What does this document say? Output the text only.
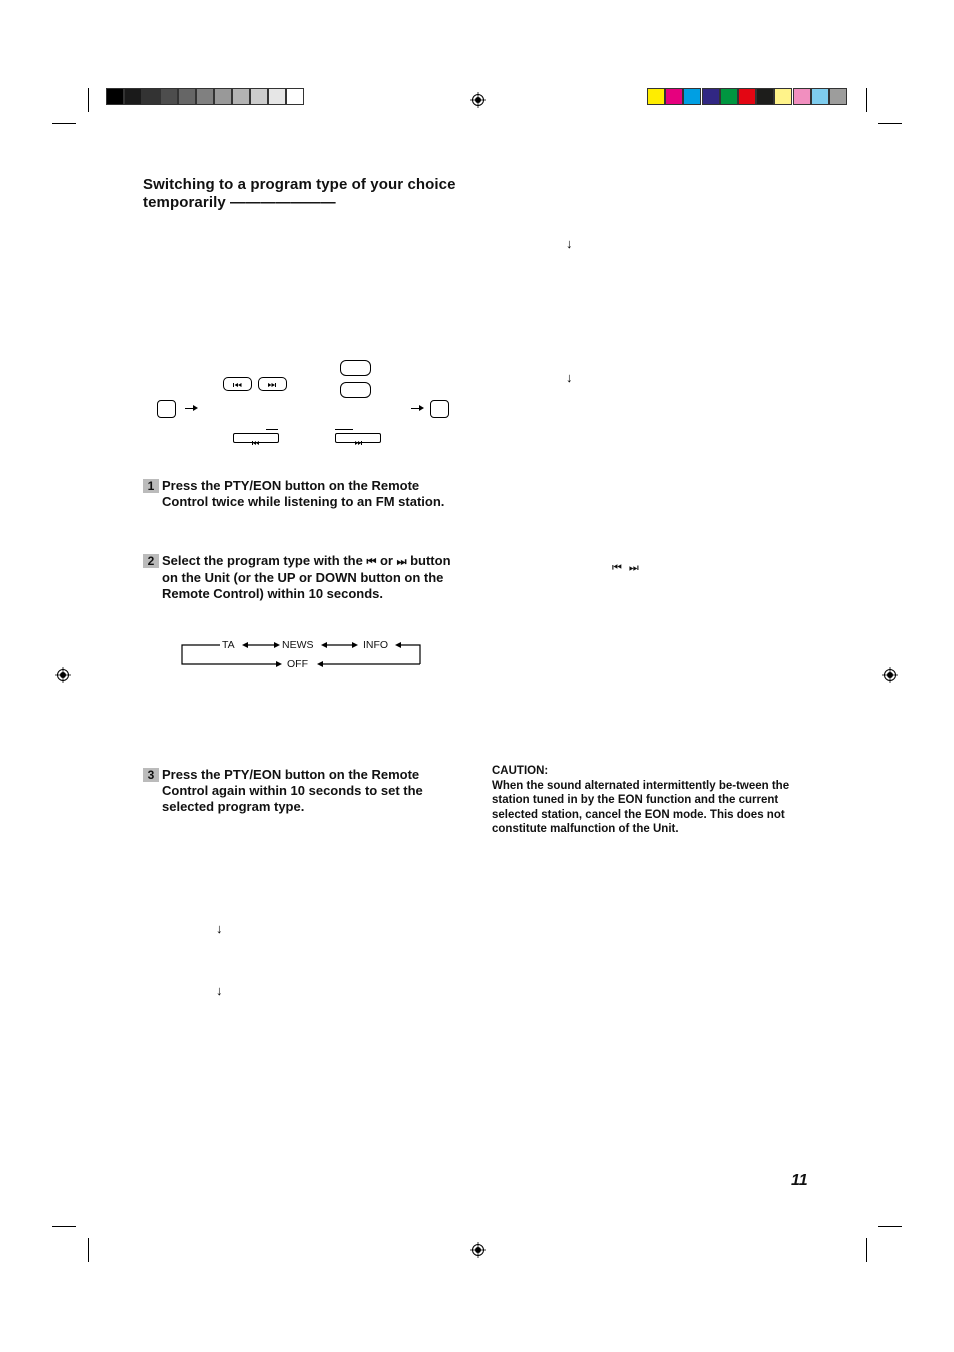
Switching to a program type of your choice temporarily ———————
1 Press the PTY/EON button on the Remote Control twice while listening to an FM station.
2 Select the program type with the ⏮ or ⏭ button on the Unit (or the UP or DOWN button on the Remote Control) within 10 seconds.
TA	NEWS	INFO
OFF
3 Press the PTY/EON button on the Remote Control again within 10 seconds to set the selected program type.
↓
↓
↓
↓
⏮  ⏭
CAUTION:
When the sound alternated intermittently be-tween the station tuned in by the EON function and the current selected station, cancel the EON mode. This does not constitute malfunction of the Unit.
11
